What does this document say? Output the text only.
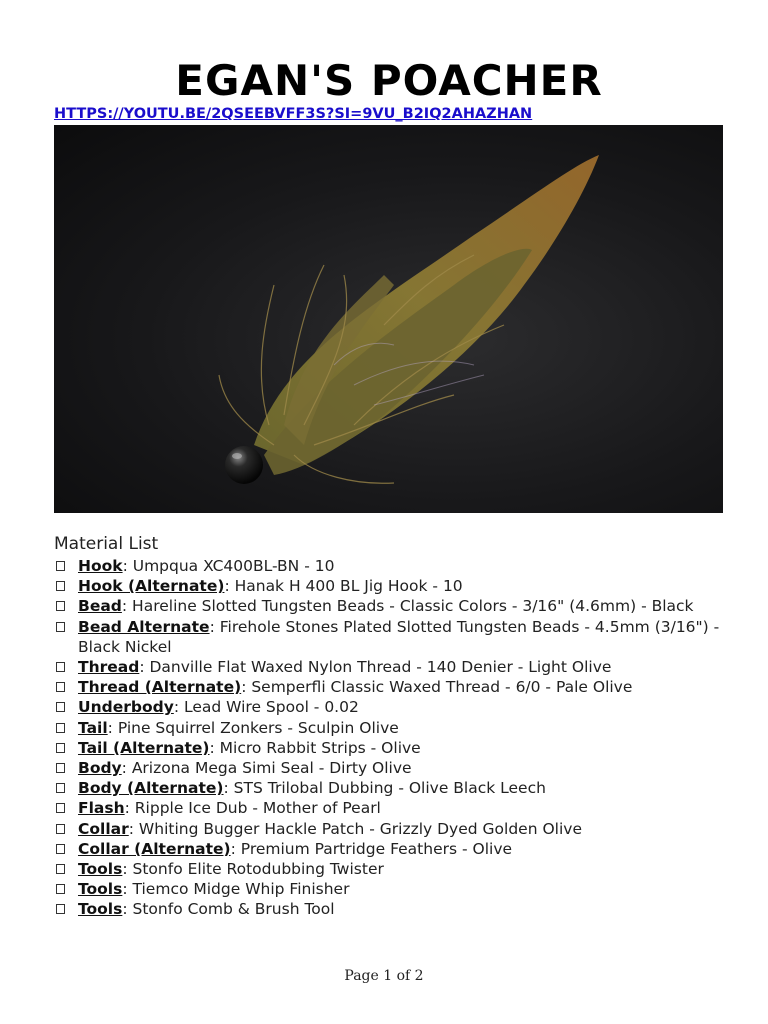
EGAN'S POACHER
HTTPS://YOUTU.BE/2QSEEBVFF3S?SI=9VU_B2IQ2AHAZHAN
Material List
Hook: Umpqua XC400BL-BN - 10
Hook (Alternate): Hanak H 400 BL Jig Hook - 10
Bead: Hareline Slotted Tungsten Beads - Classic Colors - 3/16" (4.6mm) - Black
Bead Alternate: Firehole Stones Plated Slotted Tungsten Beads - 4.5mm (3/16") - Black Nickel
Thread: Danville Flat Waxed Nylon Thread - 140 Denier - Light Olive
Thread (Alternate): Semperfli Classic Waxed Thread - 6/0 - Pale Olive
Underbody: Lead Wire Spool - 0.02
Tail: Pine Squirrel Zonkers - Sculpin Olive
Tail (Alternate): Micro Rabbit Strips - Olive
Body: Arizona Mega Simi Seal - Dirty Olive
Body (Alternate): STS Trilobal Dubbing - Olive Black Leech
Flash: Ripple Ice Dub - Mother of Pearl
Collar: Whiting Bugger Hackle Patch - Grizzly Dyed Golden Olive
Collar (Alternate): Premium Partridge Feathers - Olive
Tools: Stonfo Elite Rotodubbing Twister
Tools: Tiemco Midge Whip Finisher
Tools: Stonfo Comb & Brush Tool
Page 1 of 2
